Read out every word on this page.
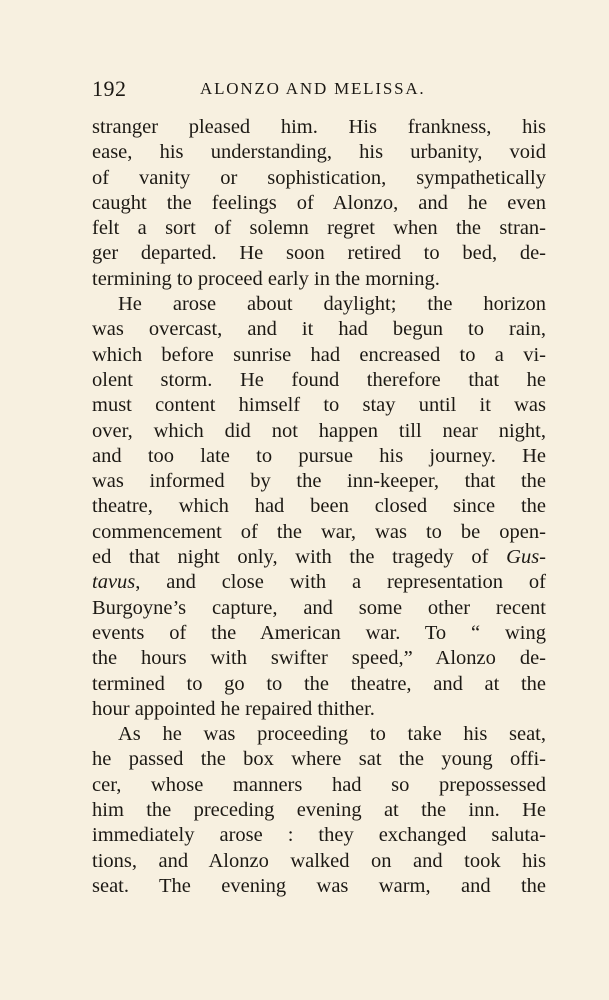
192	ALONZO AND MELISSA.
stranger pleased him. His frankness, his
ease, his understanding, his urbanity, void
of vanity or sophistication, sympathetically
caught the feelings of Alonzo, and he even
felt a sort of solemn regret when the stran-
ger departed. He soon retired to bed, de-
termining to proceed early in the morning.
He arose about daylight; the horizon
was overcast, and it had begun to rain,
which before sunrise had encreased to a vi-
olent storm. He found therefore that he
must content himself to stay until it was
over, which did not happen till near night,
and too late to pursue his journey. He
was informed by the inn-keeper, that the
theatre, which had been closed since the
commencement of the war, was to be open-
ed that night only, with the tragedy of Gus-
tavus, and close with a representation of
Burgoyne’s capture, and some other recent
events of the American war. To “ wing
the hours with swifter speed,” Alonzo de-
termined to go to the theatre, and at the
hour appointed he repaired thither.
As he was proceeding to take his seat,
he passed the box where sat the young offi-
cer, whose manners had so prepossessed
him the preceding evening at the inn. He
immediately arose : they exchanged saluta-
tions, and Alonzo walked on and took his
seat. The evening was warm, and the
